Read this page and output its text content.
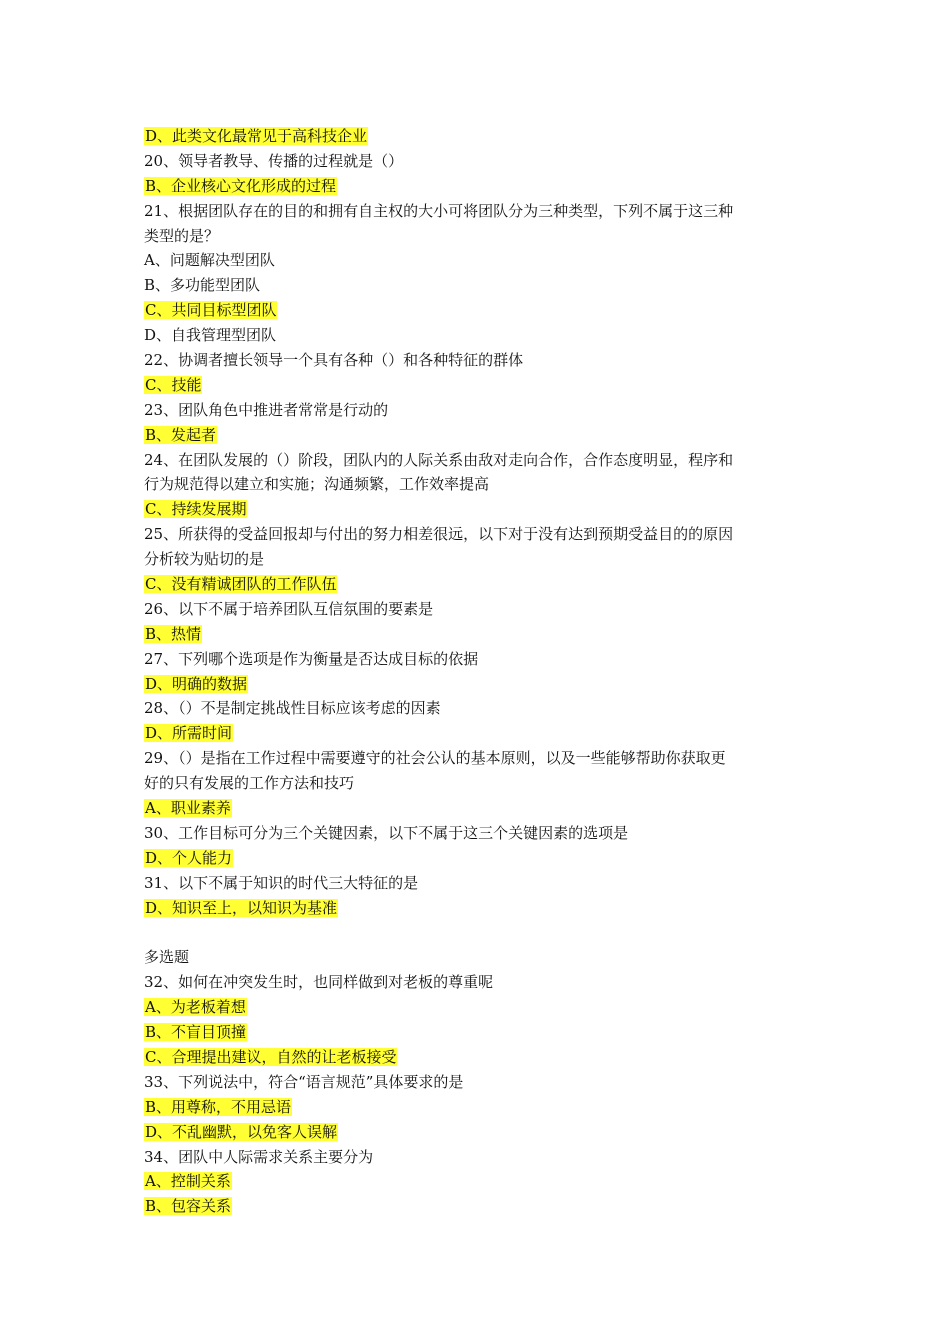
D、此类文化最常见于高科技企业
20、领导者教导、传播的过程就是（）
B、企业核心文化形成的过程
21、根据团队存在的目的和拥有自主权的大小可将团队分为三种类型，下列不属于这三种
类型的是？
A、问题解决型团队
B、多功能型团队
C、共同目标型团队
D、自我管理型团队
22、协调者擅长领导一个具有各种（）和各种特征的群体
C、技能
23、团队角色中推进者常常是行动的
B、发起者
24、在团队发展的（）阶段，团队内的人际关系由敌对走向合作，合作态度明显，程序和
行为规范得以建立和实施；沟通频繁，工作效率提高
C、持续发展期
25、所获得的受益回报却与付出的努力相差很远，以下对于没有达到预期受益目的的原因
分析较为贴切的是
C、没有精诚团队的工作队伍
26、以下不属于培养团队互信氛围的要素是
B、热情
27、下列哪个选项是作为衡量是否达成目标的依据
D、明确的数据
28、（）不是制定挑战性目标应该考虑的因素
D、所需时间
29、（）是指在工作过程中需要遵守的社会公认的基本原则，以及一些能够帮助你获取更
好的只有发展的工作方法和技巧
A、职业素养
30、工作目标可分为三个关键因素，以下不属于这三个关键因素的选项是
D、个人能力
31、以下不属于知识的时代三大特征的是
D、知识至上，以知识为基准
多选题
32、如何在冲突发生时，也同样做到对老板的尊重呢
A、为老板着想
B、不盲目顶撞
C、合理提出建议，自然的让老板接受
33、下列说法中，符合“语言规范”具体要求的是
B、用尊称，不用忌语
D、不乱幽默，以免客人误解
34、团队中人际需求关系主要分为
A、控制关系
B、包容关系
